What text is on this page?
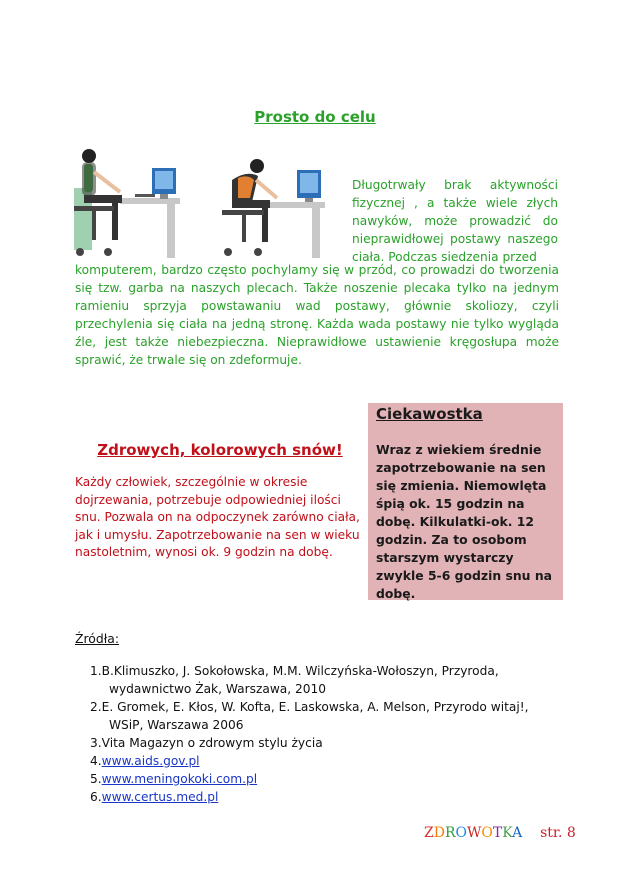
Prosto do celu
Długotrwały brak aktywności fizycznej , a także wiele złych nawyków, może prowadzić do nieprawidłowej postawy naszego ciała. Podczas siedzenia przed
komputerem, bardzo często pochylamy się w przód, co prowadzi do tworzenia się tzw. garba na naszych plecach. Także noszenie plecaka tylko na jednym ramieniu sprzyja powstawaniu wad postawy, głównie skoliozy, czyli przechylenia się ciała na jedną stronę. Każda wada postawy nie tylko wygląda źle, jest także niebezpieczna. Nieprawidłowe ustawienie kręgosłupa może sprawić, że trwale się on zdeformuje.
Zdrowych, kolorowych snów!
Każdy człowiek, szczególnie w okresie dojrzewania, potrzebuje odpowiedniej ilości snu. Pozwala on na odpoczynek zarówno ciała, jak i umysłu. Zapotrzebowanie na sen w wieku nastoletnim, wynosi ok. 9 godzin na dobę.
Ciekawostka
Wraz z wiekiem średnie zapotrzebowanie na sen się zmienia. Niemowlęta śpią ok. 15 godzin na dobę. Kilkulatki-ok. 12 godzin. Za to osobom starszym wystarczy zwykle 5-6 godzin snu na dobę.
Źródła:
1.B.Klimuszko, J. Sokołowska, M.M. Wilczyńska-Wołoszyn, Przyroda,
wydawnictwo Żak, Warszawa, 2010
2.E. Gromek, E. Kłos, W. Kofta, E. Laskowska, A. Melson, Przyrodo witaj!,
WSiP, Warszawa 2006
3.Vita Magazyn o zdrowym stylu życia
4.www.aids.gov.pl
5.www.meningokoki.com.pl
6.www.certus.med.pl
ZDROWOTKA str. 8
